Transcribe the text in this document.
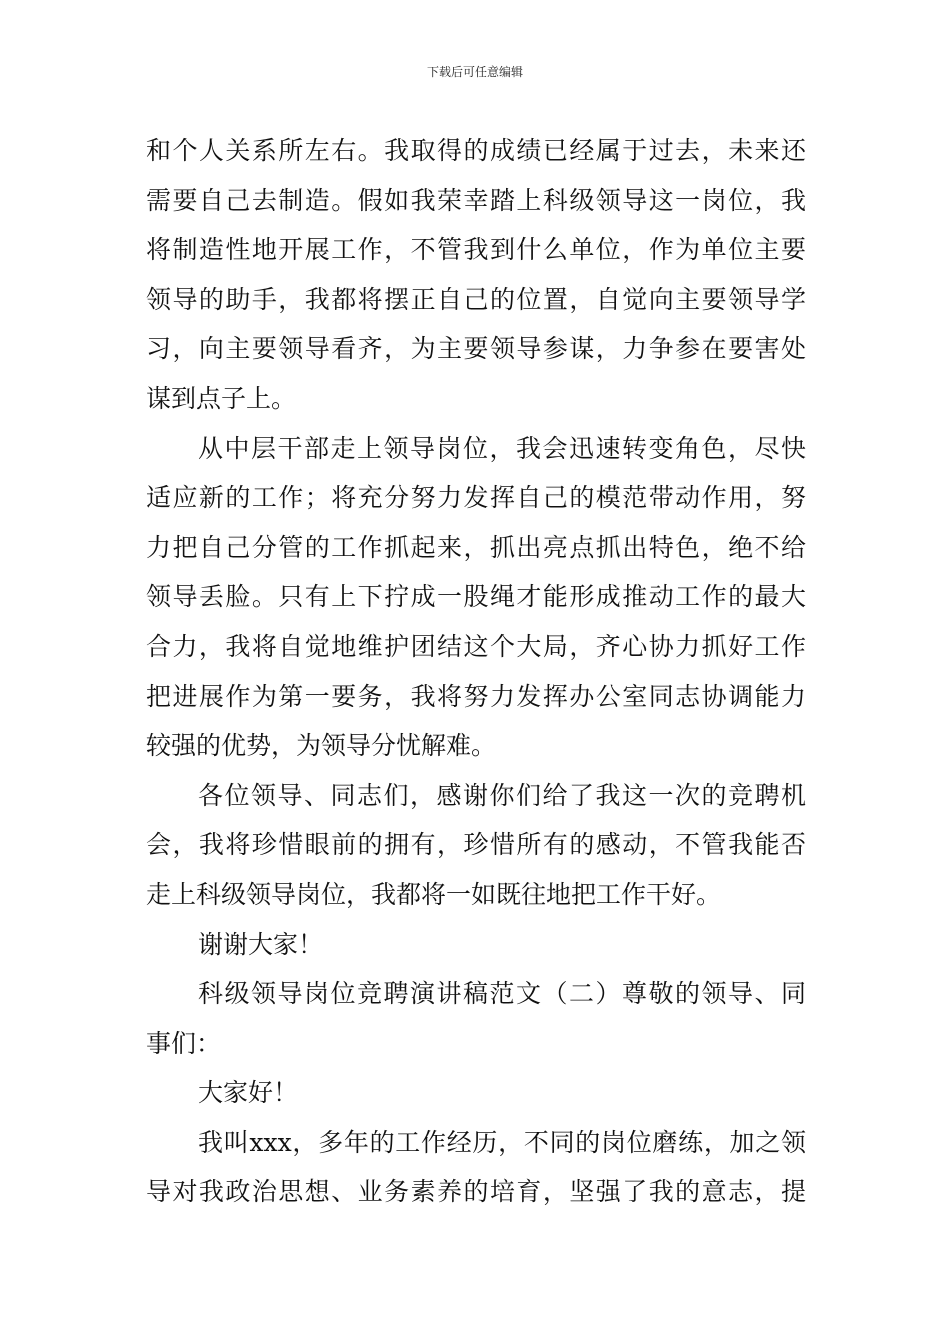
下载后可任意编辑
和个人关系所左右。我取得的成绩已经属于过去，未来还
需要自己去制造。假如我荣幸踏上科级领导这一岗位，我
将制造性地开展工作，不管我到什么单位，作为单位主要
领导的助手，我都将摆正自己的位置，自觉向主要领导学
习，向主要领导看齐，为主要领导参谋，力争参在要害处
谋到点子上。
从中层干部走上领导岗位，我会迅速转变角色，尽快
适应新的工作；将充分努力发挥自己的模范带动作用，努
力把自己分管的工作抓起来，抓出亮点抓出特色，绝不给
领导丢脸。只有上下拧成一股绳才能形成推动工作的最大
合力，我将自觉地维护团结这个大局，齐心协力抓好工作
把进展作为第一要务，我将努力发挥办公室同志协调能力
较强的优势，为领导分忧解难。
各位领导、同志们，感谢你们给了我这一次的竞聘机
会，我将珍惜眼前的拥有，珍惜所有的感动，不管我能否
走上科级领导岗位，我都将一如既往地把工作干好。
谢谢大家！
科级领导岗位竞聘演讲稿范文（二）尊敬的领导、同
事们：
大家好！
我叫xxx，多年的工作经历，不同的岗位磨练，加之领
导对我政治思想、业务素养的培育，坚强了我的意志，提
